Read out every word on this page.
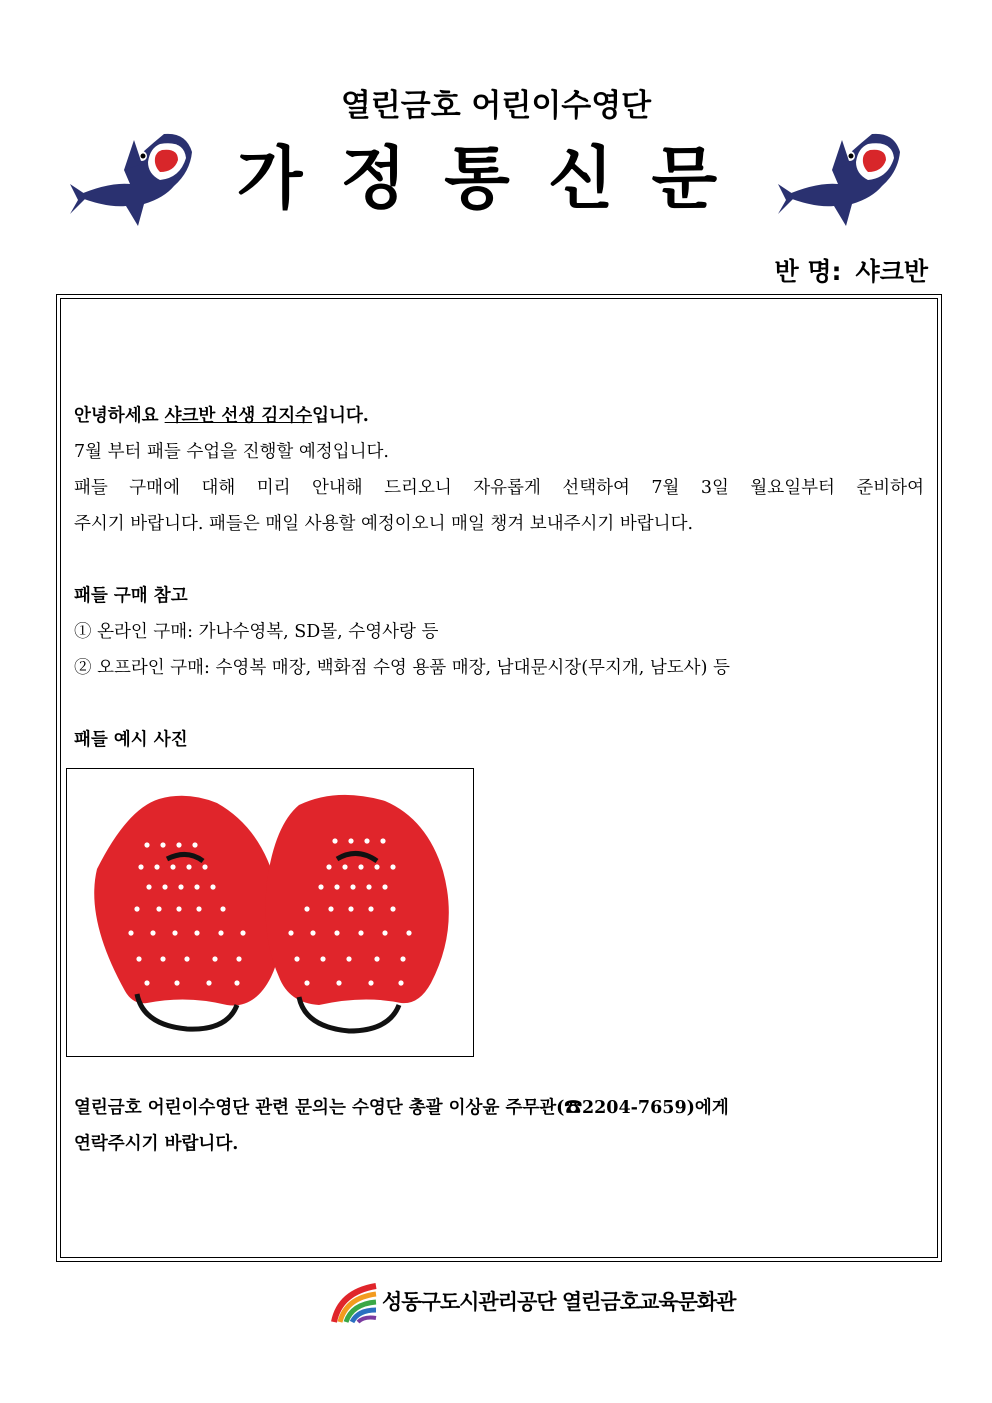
열린금호 어린이수영단
가정통신문
반 명: 샤크반

안녕하세요 샤크반 선생 김지수입니다.

7월 부터 패들 수업을 진행할 예정입니다.

패들 구매에 대해 미리 안내해 드리오니 자유롭게 선택하여 7월 3일 월요일부터 준비하여

주시기 바랍니다. 패들은 매일 사용할 예정이오니 매일 챙겨 보내주시기 바랍니다.

패들 구매 참고

① 온라인 구매: 가나수영복, SD몰, 수영사랑 등

② 오프라인 구매: 수영복 매장, 백화점 수영 용품 매장, 남대문시장(무지개, 남도사) 등

패들 예시 사진

열린금호 어린이수영단 관련 문의는 수영단 총괄 이상윤 주무관(☎2204-7659)에게

연락주시기 바랍니다.

성동구도시관리공단 열린금호교육문화관
